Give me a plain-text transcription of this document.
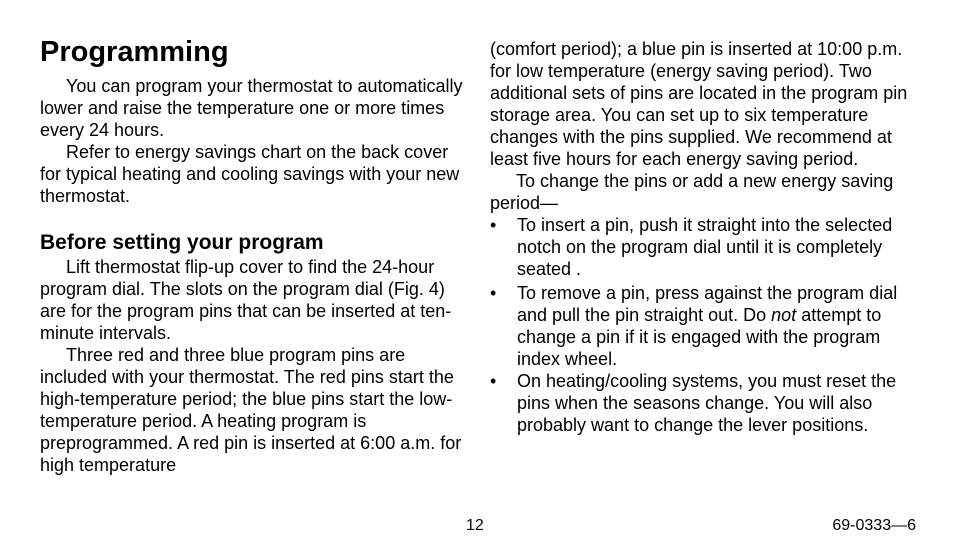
Programming

You can program your thermostat to automatically lower and raise the temperature one or more times every 24 hours.

Refer to energy savings chart on the back cover for typical heating and cooling savings with your new thermostat.

Before setting your program

Lift thermostat flip-up cover to find the 24-hour program dial. The slots on the program dial (Fig. 4) are for the program pins that can be inserted at ten-minute intervals.

Three red and three blue program pins are included with your thermostat. The red pins start the high-temperature period; the blue pins start the low-temperature period. A heating program is preprogrammed. A red pin is inserted at 6:00 a.m. for high temperature

(comfort period); a blue pin is inserted at 10:00 p.m. for low temperature (energy saving period). Two additional sets of pins are located in the program pin storage area. You can set up to six temperature changes with the pins supplied. We recommend at least five hours for each energy saving period.

To change the pins or add a new energy saving period—

• To insert a pin, push it straight into the selected notch on the program dial until it is completely seated .
• To remove a pin, press against the program dial and pull the pin straight out. Do not attempt to change a pin if it is engaged with the program index wheel.
• On heating/cooling systems, you must reset the pins when the seasons change. You will also probably want to change the lever positions.
12	69-0333—6
